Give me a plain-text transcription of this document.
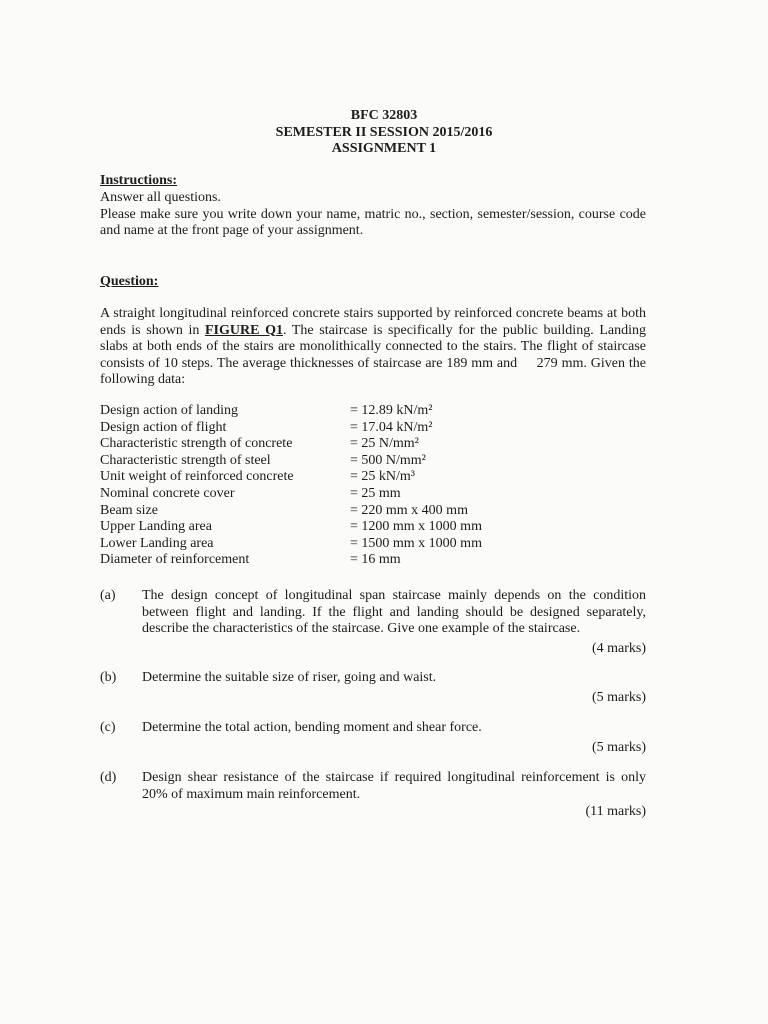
BFC 32803
SEMESTER II SESSION 2015/2016
ASSIGNMENT 1
Instructions:
Answer all questions.
Please make sure you write down your name, matric no., section, semester/session, course code and name at the front page of your assignment.
Question:
A straight longitudinal reinforced concrete stairs supported by reinforced concrete beams at both ends is shown in FIGURE Q1. The staircase is specifically for the public building. Landing slabs at both ends of the stairs are monolithically connected to the stairs. The flight of staircase consists of 10 steps. The average thicknesses of staircase are 189 mm and     279 mm. Given the following data:
Design action of landing	= 12.89 kN/m²
Design action of flight	= 17.04 kN/m²
Characteristic strength of concrete	= 25 N/mm²
Characteristic strength of steel	= 500 N/mm²
Unit weight of reinforced concrete	= 25 kN/m³
Nominal concrete cover	= 25 mm
Beam size	= 220 mm x 400 mm
Upper Landing area	= 1200 mm x 1000 mm
Lower Landing area	= 1500 mm x 1000 mm
Diameter of reinforcement	= 16 mm
(a) The design concept of longitudinal span staircase mainly depends on the condition between flight and landing. If the flight and landing should be designed separately, describe the characteristics of the staircase. Give one example of the staircase.
(4 marks)
(b) Determine the suitable size of riser, going and waist.
(5 marks)
(c) Determine the total action, bending moment and shear force.
(5 marks)
(d) Design shear resistance of the staircase if required longitudinal reinforcement is only 20% of maximum main reinforcement.
(11 marks)
